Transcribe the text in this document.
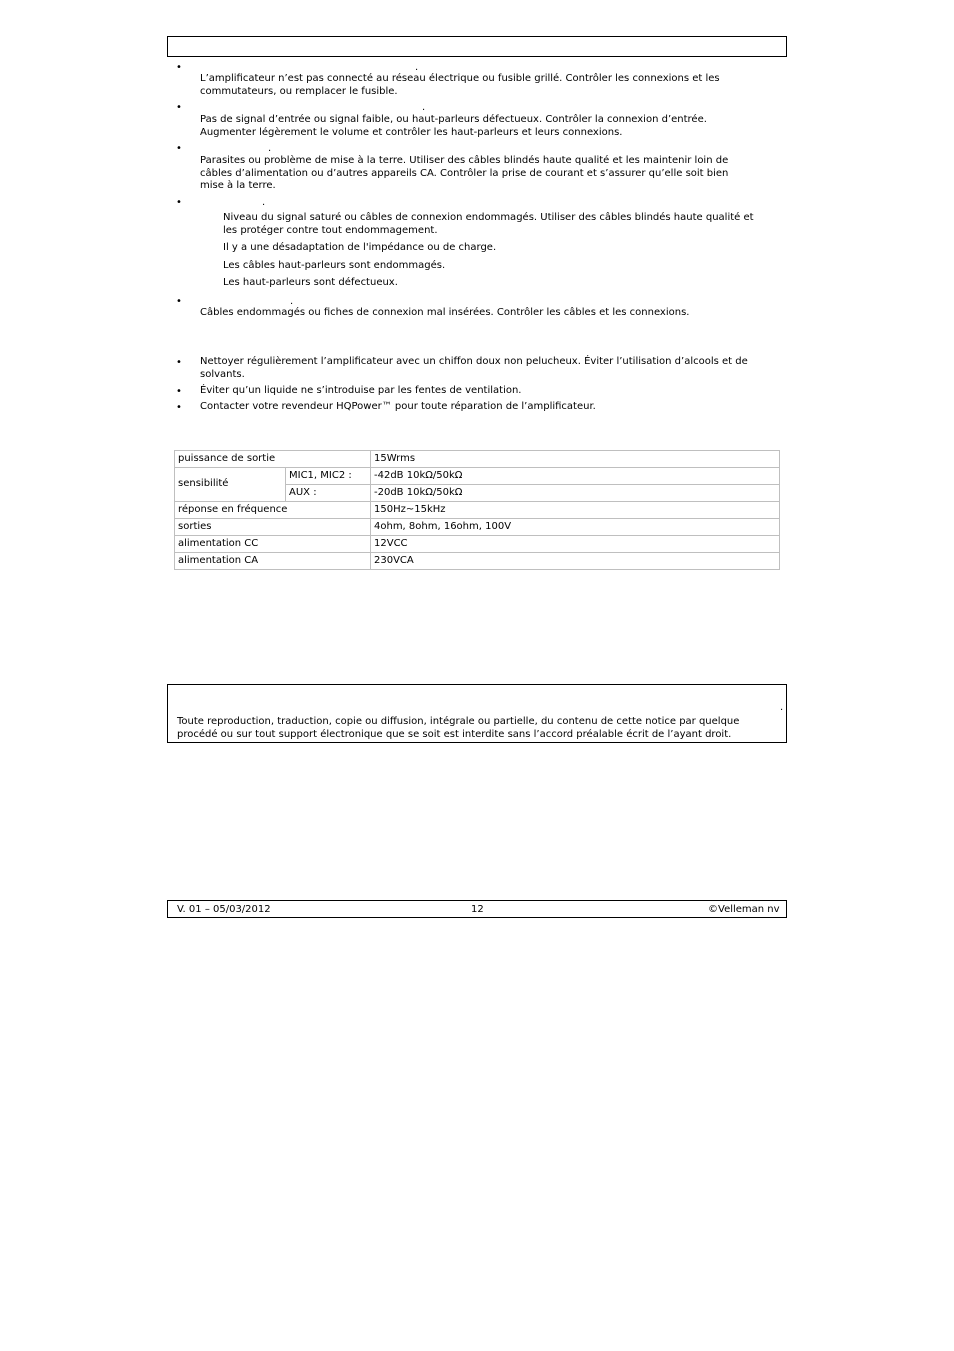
•	.
L’amplificateur n’est pas connecté au réseau électrique ou fusible grillé. Contrôler les connexions et les
commutateurs, ou remplacer le fusible.
•	.
Pas de signal d’entrée ou signal faible, ou haut-parleurs défectueux. Contrôler la connexion d’entrée.
Augmenter légèrement le volume et contrôler les haut-parleurs et leurs connexions.
•	.
Parasites ou problème de mise à la terre. Utiliser des câbles blindés haute qualité et les maintenir loin de
câbles d’alimentation ou d’autres appareils CA. Contrôler la prise de courant et s’assurer qu’elle soit bien
mise à la terre.
•	.
Niveau du signal saturé ou câbles de connexion endommagés. Utiliser des câbles blindés haute qualité et
les protéger contre tout endommagement.
Il y a une désadaptation de l'impédance ou de charge.
Les câbles haut-parleurs sont endommagés.
Les haut-parleurs sont défectueux.
•	.
Câbles endommagés ou fiches de connexion mal insérées. Contrôler les câbles et les connexions.
• Nettoyer régulièrement l’amplificateur avec un chiffon doux non pelucheux. Éviter l’utilisation d’alcools et de
solvants.
• Éviter qu’un liquide ne s’introduise par les fentes de ventilation.
• Contacter votre revendeur HQPower™ pour toute réparation de l’amplificateur.
puissance de sortie		15Wrms
sensibilité	MIC1, MIC2 :	-42dB 10kΩ/50kΩ
	AUX :	-20dB 10kΩ/50kΩ
réponse en fréquence		150Hz~15kHz
sorties		4ohm, 8ohm, 16ohm, 100V
alimentation CC		12VCC
alimentation CA		230VCA
.
Toute reproduction, traduction, copie ou diffusion, intégrale ou partielle, du contenu de cette notice par quelque
procédé ou sur tout support électronique que se soit est interdite sans l’accord préalable écrit de l’ayant droit.
V. 01 – 05/03/2012	12	©Velleman nv
